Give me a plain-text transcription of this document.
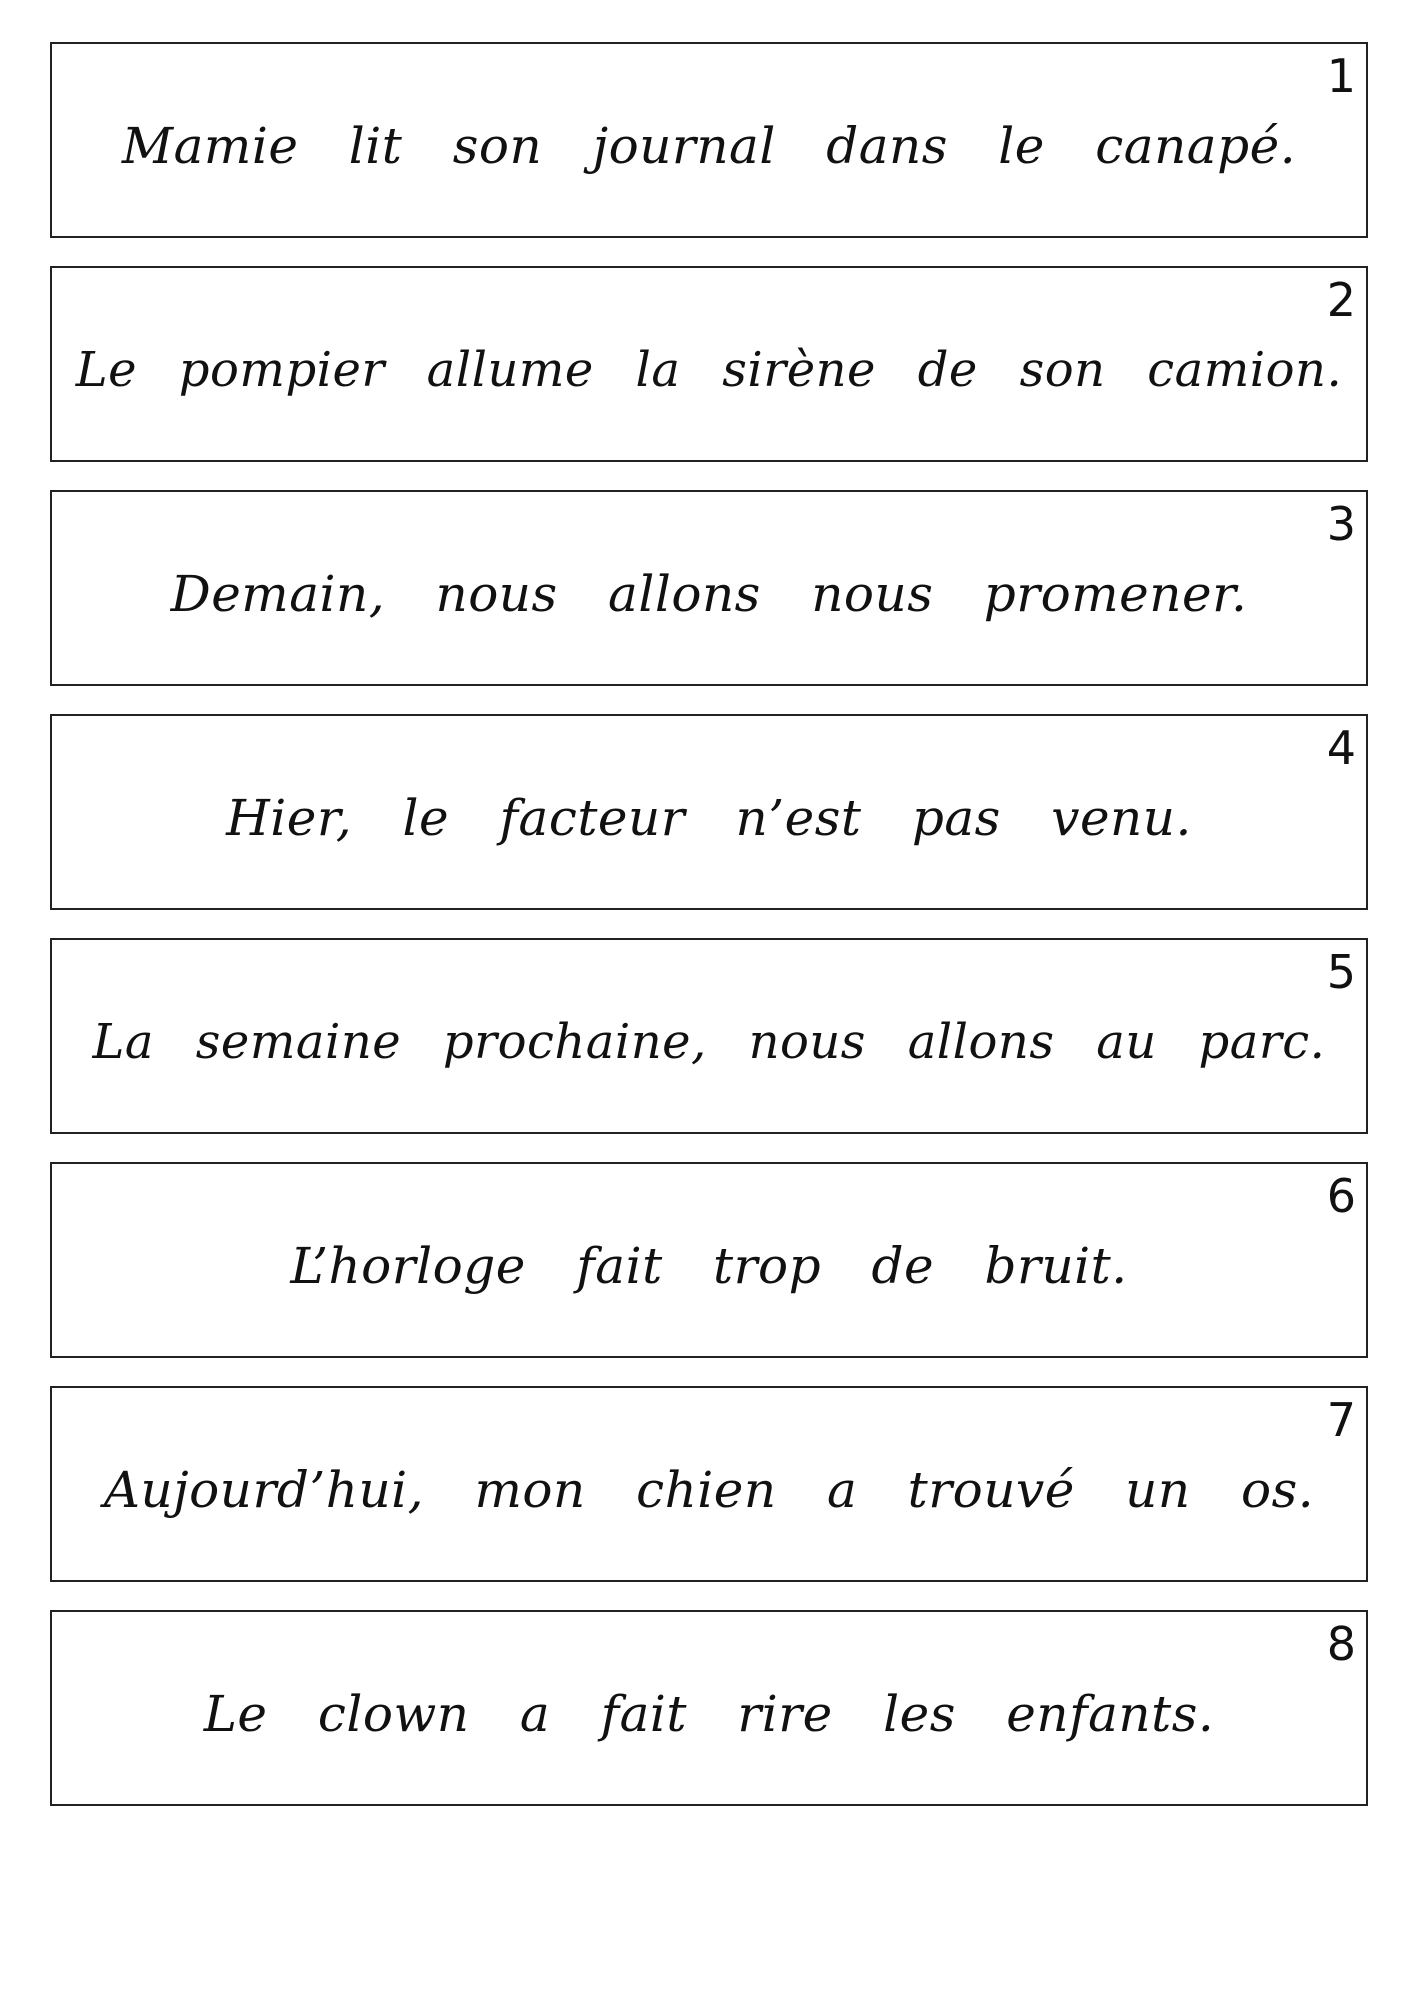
1
Mamie lit son journal dans le canapé.
2
Le pompier allume la sirène de son camion.
3
Demain, nous allons nous promener.
4
Hier, le facteur n’est pas venu.
5
La semaine prochaine, nous allons au parc.
6
L’horloge fait trop de bruit.
7
Aujourd’hui, mon chien a trouvé un os.
8
Le clown a fait rire les enfants.
